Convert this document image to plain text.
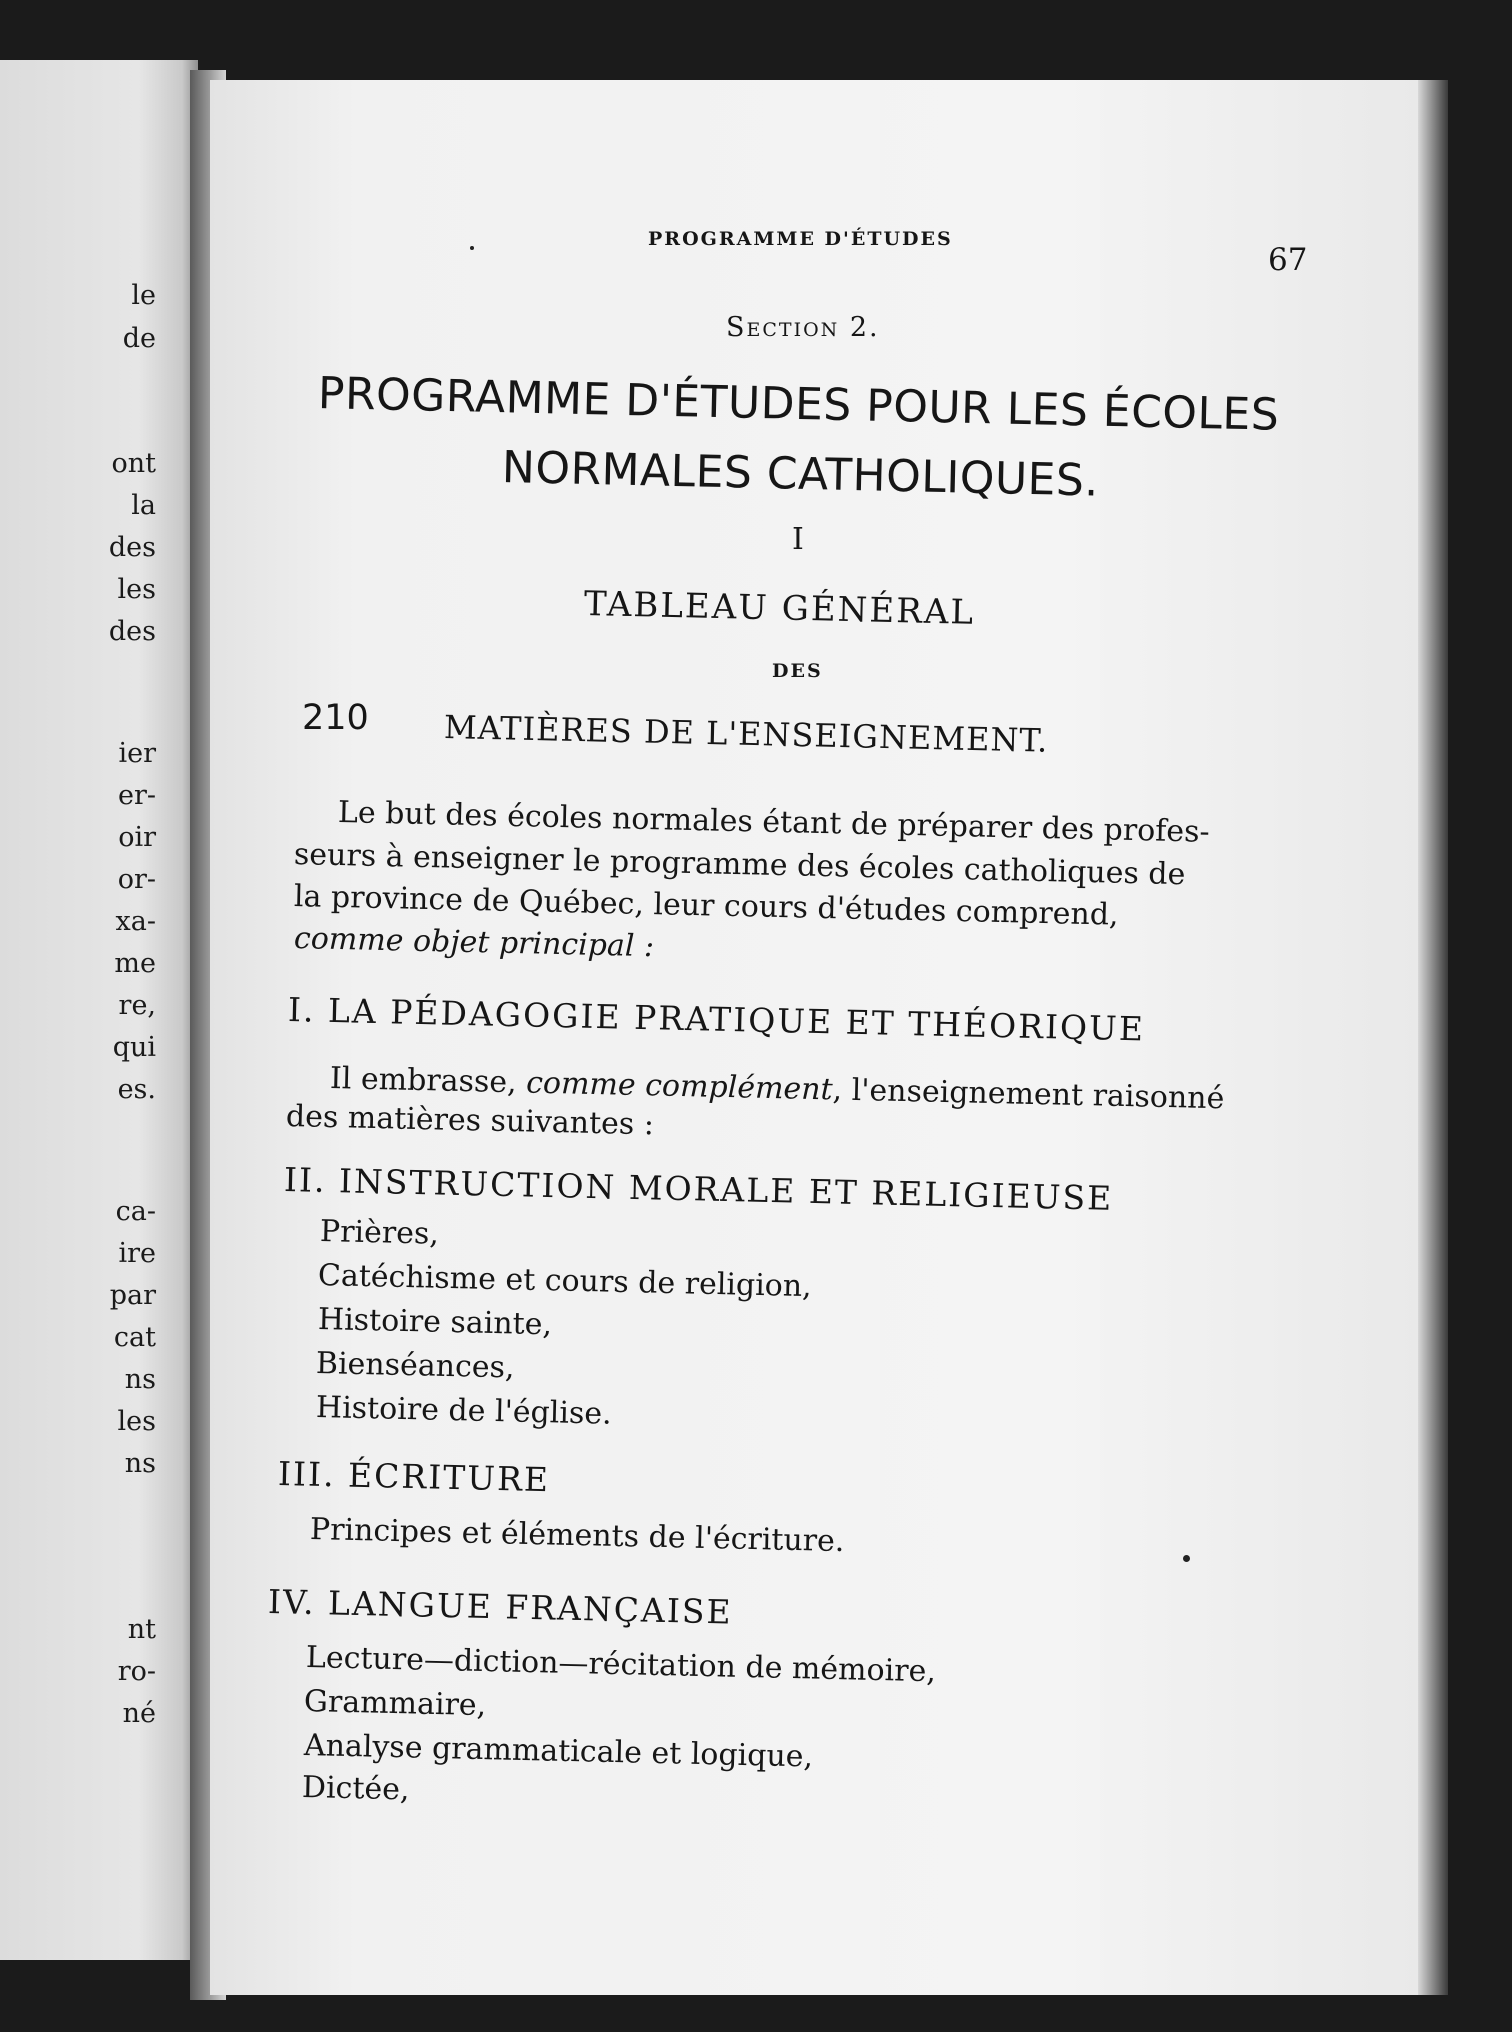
le
de
ont
la
des
les
des
ier
er-
oir
or-
xa-
me
re,
qui
es.
ca-
ire
par
cat
ns
les
ns
nt
ro-
né
PROGRAMME D'ÉTUDES
67
Section 2.
PROGRAMME D'ÉTUDES POUR LES ÉCOLES
NORMALES CATHOLIQUES.
I
TABLEAU GÉNÉRAL
DES
210 MATIÈRES DE L'ENSEIGNEMENT.
Le but des écoles normales étant de préparer des profes-
seurs à enseigner le programme des écoles catholiques de
la province de Québec, leur cours d'études comprend,
comme objet principal :
I. LA PÉDAGOGIE PRATIQUE ET THÉORIQUE
Il embrasse, comme complément, l'enseignement raisonné
des matières suivantes :
II. INSTRUCTION MORALE ET RELIGIEUSE
Prières,
Catéchisme et cours de religion,
Histoire sainte,
Bienséances,
Histoire de l'église.
III. ÉCRITURE
Principes et éléments de l'écriture.
IV. LANGUE FRANÇAISE
Lecture—diction—récitation de mémoire,
Grammaire,
Analyse grammaticale et logique,
Dictée,
